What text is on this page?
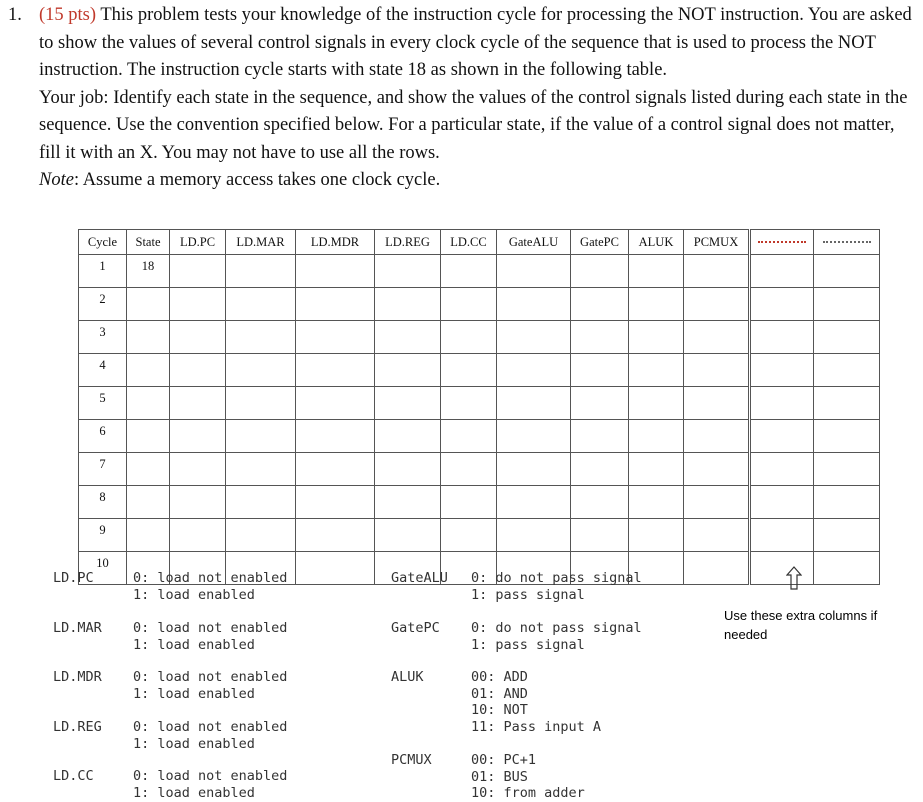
1. (15 pts) This problem tests your knowledge of the instruction cycle for processing the NOT instruction. You are asked to show the values of several control signals in every clock cycle of the sequence that is used to process the NOT instruction. The instruction cycle starts with state 18 as shown in the following table.
Your job: Identify each state in the sequence, and show the values of the control signals listed during each state in the sequence. Use the convention specified below. For a particular state, if the value of a control signal does not matter, fill it with an X. You may not have to use all the rows.
Note: Assume a memory access takes one clock cycle.
Cycle	State	LD.PC	LD.MAR	LD.MDR	LD.REG	LD.CC	GateALU	GatePC	ALUK	PCMUX	

1	18											
2												
3												
4												
5												
6												
7												
8												
9												
10												
LD.PC	0: load not enabled
1: load enabled
LD.MAR 0: load not enabled
1: load enabled
LD.MDR 0: load not enabled
1: load enabled
LD.REG 0: load not enabled
1: load enabled
LD.CC	0: load not enabled
1: load enabled
GateALU 0: do not pass signal
1: pass signal
GatePC 0: do not pass signal
1: pass signal
ALUK	00: ADD
01: AND
10: NOT
11: Pass input A
PCMUX	00: PC+1
01: BUS
10: from adder
Use these extra columns if needed
